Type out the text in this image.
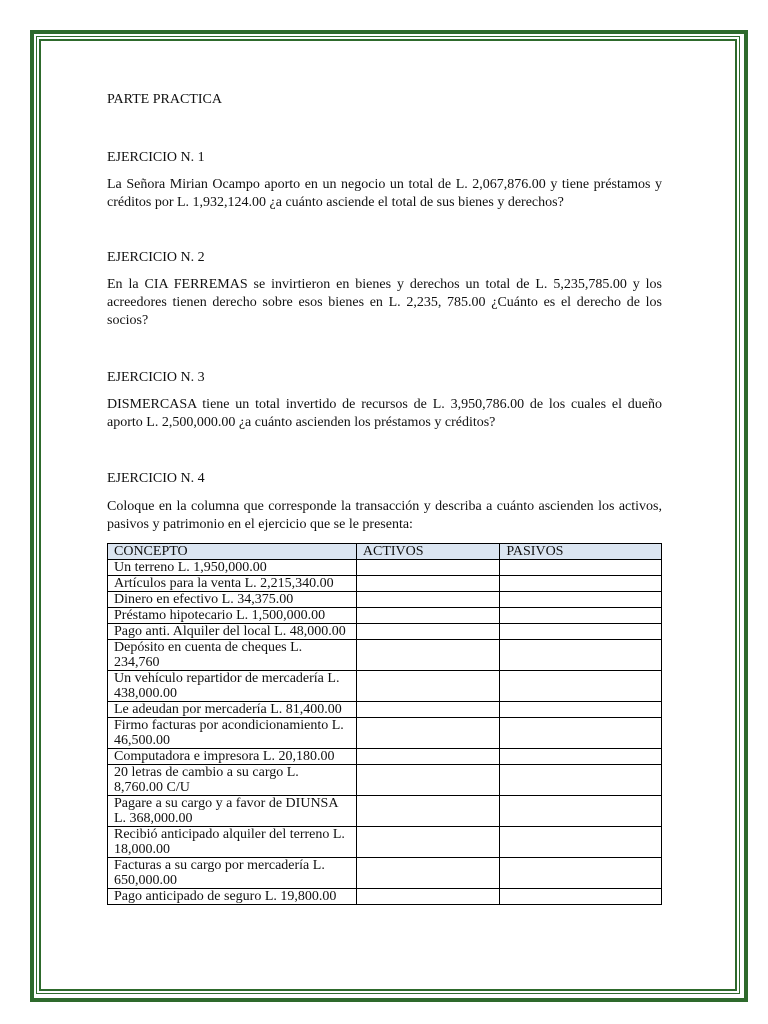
PARTE PRACTICA

EJERCICIO N. 1

La Señora Mirian Ocampo aporto en un negocio un total de L. 2,067,876.00 y tiene préstamos y créditos por L. 1,932,124.00 ¿a cuánto asciende el total de sus bienes y derechos?

EJERCICIO N. 2

En la CIA FERREMAS se invirtieron en bienes y derechos un total de L. 5,235,785.00 y los acreedores tienen derecho sobre esos bienes en L. 2,235, 785.00 ¿Cuánto es el derecho de los socios?

EJERCICIO N. 3

DISMERCASA tiene un total invertido de recursos de L. 3,950,786.00 de los cuales el dueño aporto L. 2,500,000.00 ¿a cuánto ascienden los préstamos y créditos?

EJERCICIO N. 4

Coloque en la columna que corresponde la transacción y describa a cuánto ascienden los activos, pasivos y patrimonio en el ejercicio que se le presenta:

CONCEPTO	ACTIVOS	PASIVOS
Un terreno L. 1,950,000.00		
Artículos para la venta L. 2,215,340.00		
Dinero en efectivo L. 34,375.00		
Préstamo hipotecario L. 1,500,000.00		
Pago anti. Alquiler del local L. 48,000.00		
Depósito en cuenta de cheques L. 234,760		
Un vehículo repartidor de mercadería L. 438,000.00		
Le adeudan por mercadería L. 81,400.00		
Firmo facturas por acondicionamiento L. 46,500.00		
Computadora e impresora L. 20,180.00		
20 letras de cambio a su cargo L. 8,760.00 C/U		
Pagare a su cargo y a favor de DIUNSA L. 368,000.00		
Recibió anticipado alquiler del terreno L. 18,000.00		
Facturas a su cargo por mercadería L. 650,000.00		
Pago anticipado de seguro L. 19,800.00		
